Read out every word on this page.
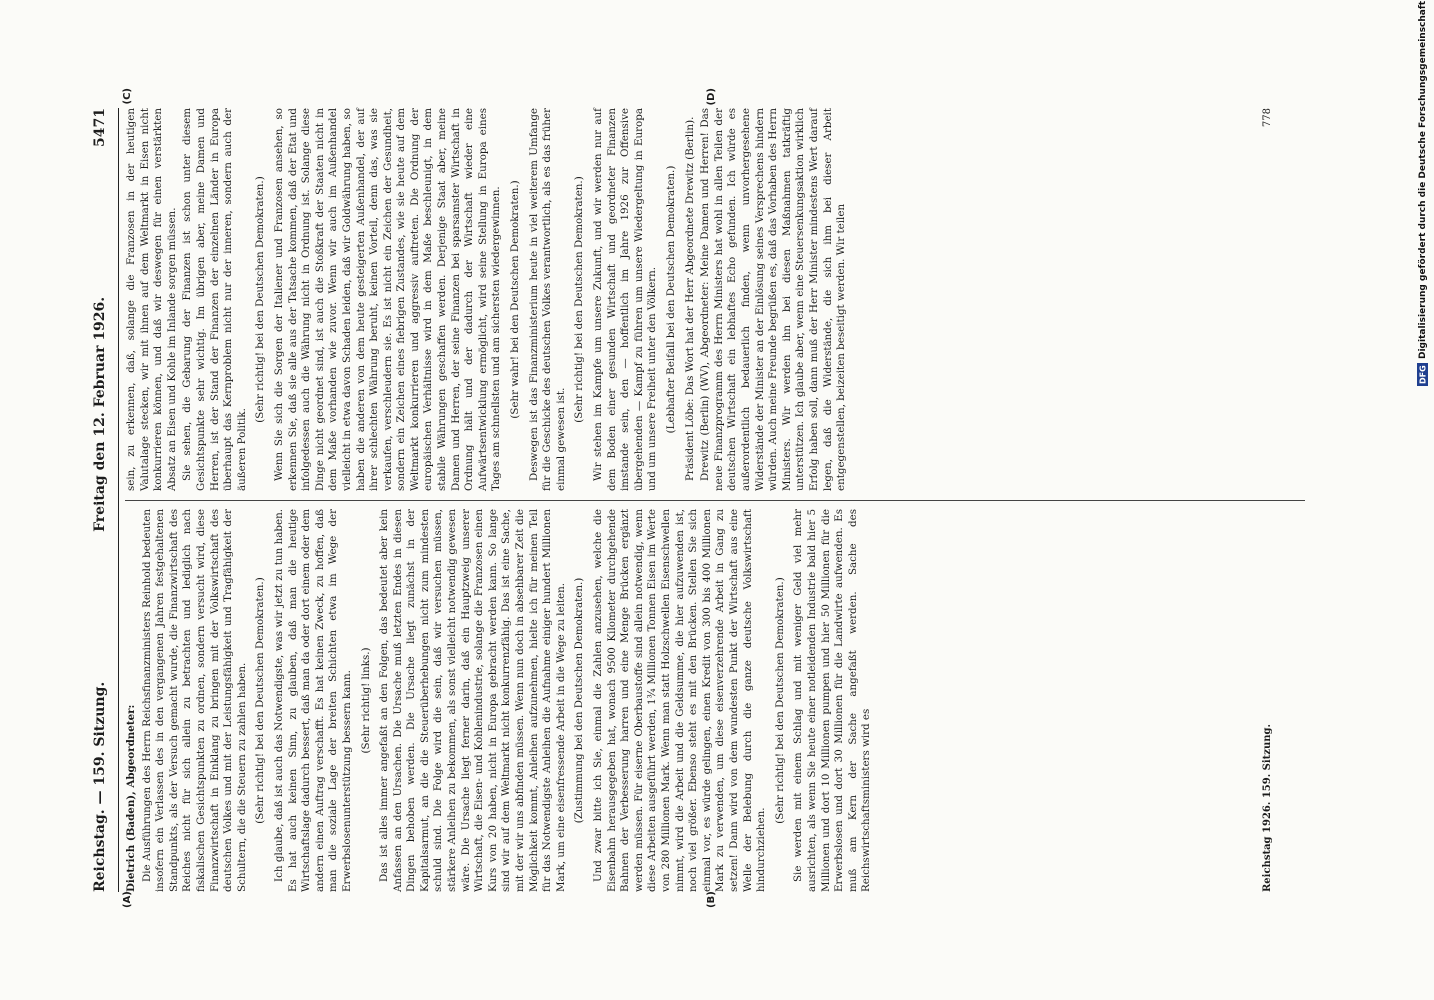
Reichstag. — 159. Sitzung.
Freitag den 12. Februar 1926.
5471

Dietrich (Baden), Abgeordneter: Die Ausführungen des Herrn Reichsfinanzministers Reinhold bedeuten insofern ein Verlassen des in den vergangenen Jahren festgehaltenen Standpunkts, als der Versuch gemacht wurde, die Finanzwirtschaft des Reiches nicht für sich allein zu betrachten und lediglich nach fiskalischen Gesichtspunkten zu ordnen, sondern versucht wird, diese Finanzwirtschaft in Einklang zu bringen mit der Volkswirtschaft des deutschen Volkes und mit der Leistungsfähigkeit und Tragfähigkeit der Schultern, die die Steuern zu zahlen haben. (Sehr richtig! bei den Deutschen Demokraten.) Ich glaube, daß ist auch das Notwendigste, was wir jetzt zu tun haben. Es hat auch keinen Sinn, zu glauben, daß man die heutige Wirtschaftslage dadurch bessert, daß man da oder dort einem oder dem andern einen Auftrag verschafft. Es hat keinen Zweck, zu hoffen, daß man die soziale Lage der breiten Schichten etwa im Wege der Erwerbslosenunterstützung bessern kann. (Sehr richtig! links.) Das ist alles immer angefaßt an den Folgen, das bedeutet aber kein Anfassen an den Ursachen. Die Ursache muß letzten Endes in diesen Dingen behoben werden. Die Ursache liegt zunächst in der Kapitalsarmut, an die die Steuerüberhebungen nicht zum mindesten schuld sind. Die Folge wird die sein, daß wir versuchen müssen, stärkere Anleihen zu bekommen, als sonst vielleicht notwendig gewesen wäre. Die Ursache liegt ferner darin, daß ein Hauptzweig unserer Wirtschaft, die Eisen- und Kohlenindustrie, solange die Franzosen einen Kurs von 20 haben, nicht in Europa gebracht werden kann. So lange sind wir auf dem Weltmarkt nicht konkurrenzfähig. Das ist eine Sache, mit der wir uns abfinden müssen. Wenn nun doch in absehbarer Zeit die Möglichkeit kommt, Anleihen aufzunehmen, hielte ich für meinen Teil für das Notwendigste Anleihen die Aufnahme einiger hundert Millionen Mark, um eine eisenfressende Arbeit in die Wege zu leiten. (Zustimmung bei den Deutschen Demokraten.) Und zwar bitte ich Sie, einmal die Zahlen anzusehen, welche die Eisenbahn herausgegeben hat, wonach 9500 Kilometer durchgehende Bahnen der Verbesserung harren und eine Menge Brücken ergänzt werden müssen. Für eiserne Oberbaustoffe sind allein notwendig, wenn diese Arbeiten ausgeführt werden, 1¾ Millionen Tonnen Eisen im Werte von 280 Millionen Mark. Wenn man statt Holzschwellen Eisenschwellen nimmt, wird die Arbeit und die Geldsumme, die hier aufzuwenden ist, noch viel größer. Ebenso steht es mit den Brücken. Stellen Sie sich einmal vor, es würde gelingen, einen Kredit von 300 bis 400 Millionen Mark zu verwenden, um diese eisenverzehrende Arbeit in Gang zu setzen! Dann wird von dem wundesten Punkt der Wirtschaft aus eine Welle der Belebung durch die ganze deutsche Volkswirtschaft hindurchziehen.

(Sehr richtig! bei den Deutschen Demokraten.) Sie werden mit einem Schlag und mit weniger Geld viel mehr ausrichten, als wenn Sie heute einer notleidenden Industrie bald hier 5 Millionen und dort 10 Millionen pumpen und hier 50 Millionen für die Erwerbslosen und dort 30 Millionen für die Landwirte aufwenden. Es muß am Kern der Sache angefaßt werden. Sache des Reichswirtschaftsministers wird es

sein, zu erkennen, daß, solange die Franzosen in der heutigen Valutalage stecken, wir mit ihnen auf dem Weltmarkt in Eisen nicht konkurrieren können, und daß wir deswegen für einen verstärkten Absatz an Eisen und Kohle im Inlande sorgen müssen. Sie sehen, die Gebarung der Finanzen ist schon unter diesem Gesichtspunkte sehr wichtig. Im übrigen aber, meine Damen und Herren, ist der Stand der Finanzen der einzelnen Länder in Europa überhaupt das Kernproblem nicht nur der inneren, sondern auch der äußeren Politik.

(Sehr richtig! bei den Deutschen Demokraten.) Wenn Sie sich die Sorgen der Italiener und Franzosen ansehen, so erkennen Sie, daß sie alle aus der Tatsache kommen, daß der Etat und infolgedessen auch die Währung nicht in Ordnung ist. Solange diese Dinge nicht geordnet sind, ist auch die Stoßkraft der Staaten nicht in dem Maße vorhanden wie zuvor. Wenn wir auch im Außenhandel vielleicht in etwa davon Schaden leiden, daß wir Goldwährung haben, so haben die anderen von dem heute gesteigerten Außenhandel, der auf ihrer schlechten Währung beruht, keinen Vorteil, denn das, was sie verkaufen, verschleudern sie. Es ist nicht ein Zeichen der Gesundheit, sondern ein Zeichen eines fiebrigen Zustandes, wie sie heute auf dem Weltmarkt konkurrieren und aggressiv auftreten. Die Ordnung der europäischen Verhältnisse wird in dem Maße beschleunigt, in dem stabile Währungen geschaffen werden. Derjenige Staat aber, meine Damen und Herren, der seine Finanzen bei sparsamster Wirtschaft in Ordnung hält und der dadurch der Wirtschaft wieder eine Aufwärtsentwicklung ermöglicht, wird seine Stellung in Europa eines Tages am schnellsten und am sichersten wiedergewinnen. (Sehr wahr! bei den Deutschen Demokraten.) Deswegen ist das Finanzministerium heute in viel weiterem Umfange für die Geschicke des deutschen Volkes verantwortlich, als es das früher einmal gewesen ist.

(Sehr richtig! bei den Deutschen Demokraten.) Wir stehen im Kampfe um unsere Zukunft, und wir werden nur auf dem Boden einer gesunden Wirtschaft und geordneter Finanzen imstande sein, den — hoffentlich im Jahre 1926 zur Offensive übergehenden — Kampf zu führen um unsere Wiedergeltung in Europa und um unsere Freiheit unter den Völkern. (Lebhafter Beifall bei den Deutschen Demokraten.) Präsident Löbe: Das Wort hat der Herr Abgeordnete Drewitz (Berlin). Drewitz (Berlin) (WV), Abgeordneter: Meine Damen und Herren! Das neue Finanzprogramm des Herrn Ministers hat wohl in allen Teilen der deutschen Wirtschaft ein lebhaftes Echo gefunden. Ich würde es außerordentlich bedauerlich finden, wenn unvorhergesehene Widerstände der Minister an der Einlösung seines Versprechens hindern würden. Auch meine Freunde begrüßen es, daß das Vorhaben des Herrn Ministers. Wir werden ihn bei diesen Maßnahmen tatkräftig unterstützen. Ich glaube aber, wenn eine Steuersenkungsaktion wirklich Erfolg haben soll, dann muß der Herr Minister mindestens Wert darauf legen, daß die Widerstände, die sich ihm bei dieser Arbeit entgegenstellen, beizeiten beseitigt werden. Wir teilen

(A)	(B)
(C)	(D)
Reichstag 1926. 159. Sitzung.
778
DFG
Digitalisierung gefördert durch die Deutsche Forschungsgemeinschaft
